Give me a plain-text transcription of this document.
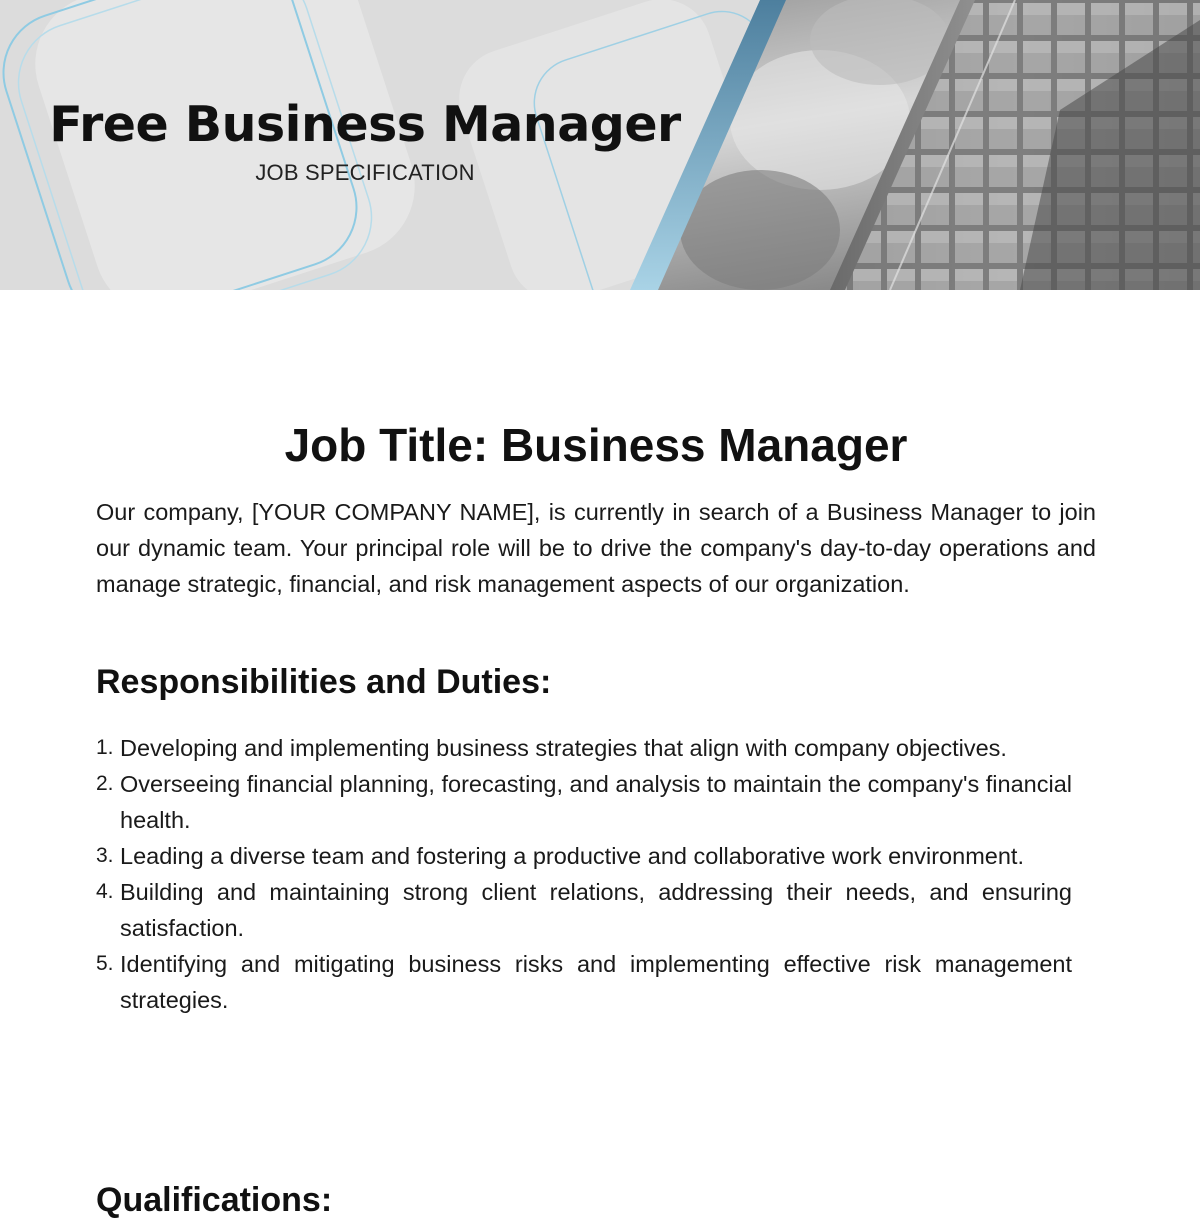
Free Business Manager
JOB SPECIFICATION
Job Title: Business Manager

Our company, [YOUR COMPANY NAME], is currently in search of a Business Manager to join our dynamic team. Your principal role will be to drive the company's day-to-day operations and manage strategic, financial, and risk management aspects of our organization.

Responsibilities and Duties:
1. Developing and implementing business strategies that align with company objectives.
2. Overseeing financial planning, forecasting, and analysis to maintain the company's financial health.
3. Leading a diverse team and fostering a productive and collaborative work environment.
4. Building and maintaining strong client relations, addressing their needs, and ensuring satisfaction.
5. Identifying and mitigating business risks and implementing effective risk management strategies.
Qualifications:
